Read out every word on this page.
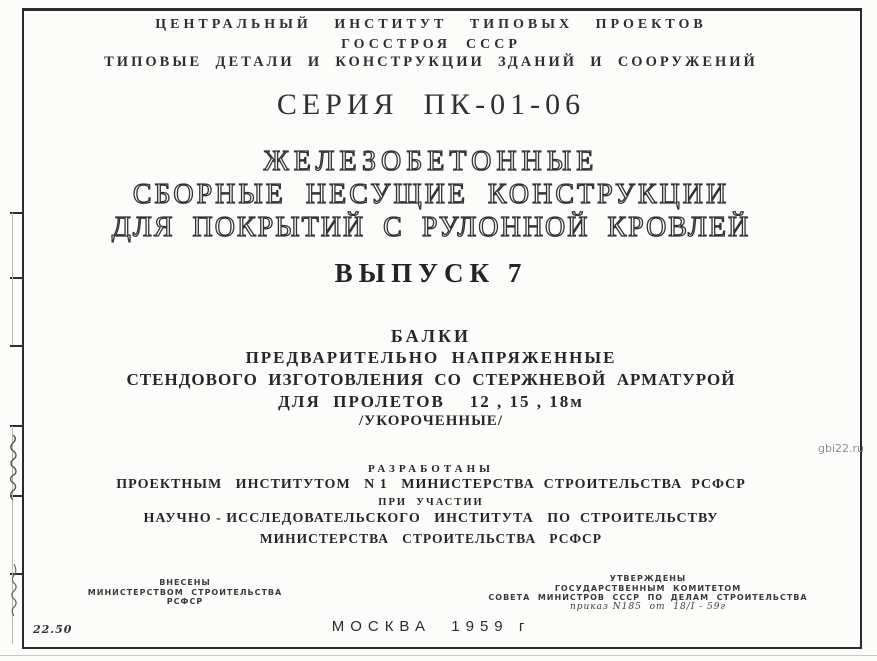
ЦЕНТРАЛЬНЫЙ   ИНСТИТУТ   ТИПОВЫХ   ПРОЕКТОВ
ГОССТРОЯ  СССР
ТИПОВЫЕ  ДЕТАЛИ  И  КОНСТРУКЦИИ  ЗДАНИЙ  И  СООРУЖЕНИЙ
СЕРИЯ  ПК-01-06
ЖЕЛЕЗОБЕТОННЫЕ
СБОРНЫЕ  НЕСУЩИЕ  КОНСТРУКЦИИ
ДЛЯ  ПОКРЫТИЙ  С  РУЛОННОЙ  КРОВЛЕЙ
ВЫПУСК 7
БАЛКИ
ПРЕДВАРИТЕЛЬНО  НАПРЯЖЕННЫЕ
СТЕНДОВОГО  ИЗГОТОВЛЕНИЯ  СО  СТЕРЖНЕВОЙ  АРМАТУРОЙ
ДЛЯ  ПРОЛЕТОВ    12 , 15 , 18м
/УКОРОЧЕННЫЕ/
РАЗРАБОТАНЫ
ПРОЕКТНЫМ   ИНСТИТУТОМ   N 1   МИНИСТЕРСТВА  СТРОИТЕЛЬСТВА  РСФСР
ПРИ  УЧАСТИИ
НАУЧНО - ИССЛЕДОВАТЕЛЬСКОГО   ИНСТИТУТА   ПО  СТРОИТЕЛЬСТВУ
МИНИСТЕРСТВА   СТРОИТЕЛЬСТВА   РСФСР
ВНЕСЕНЫ
МИНИСТЕРСТВОМ  СТРОИТЕЛЬСТВА
РСФСР
УТВЕРЖДЕНЫ
ГОСУДАРСТВЕННЫМ  КОМИТЕТОМ
СОВЕТА  МИНИСТРОВ  СССР  ПО  ДЕЛАМ  СТРОИТЕЛЬСТВА
приказ N185  от  18/I - 59г
МОСКВА  1959 г
22.50
gbi22.ru
